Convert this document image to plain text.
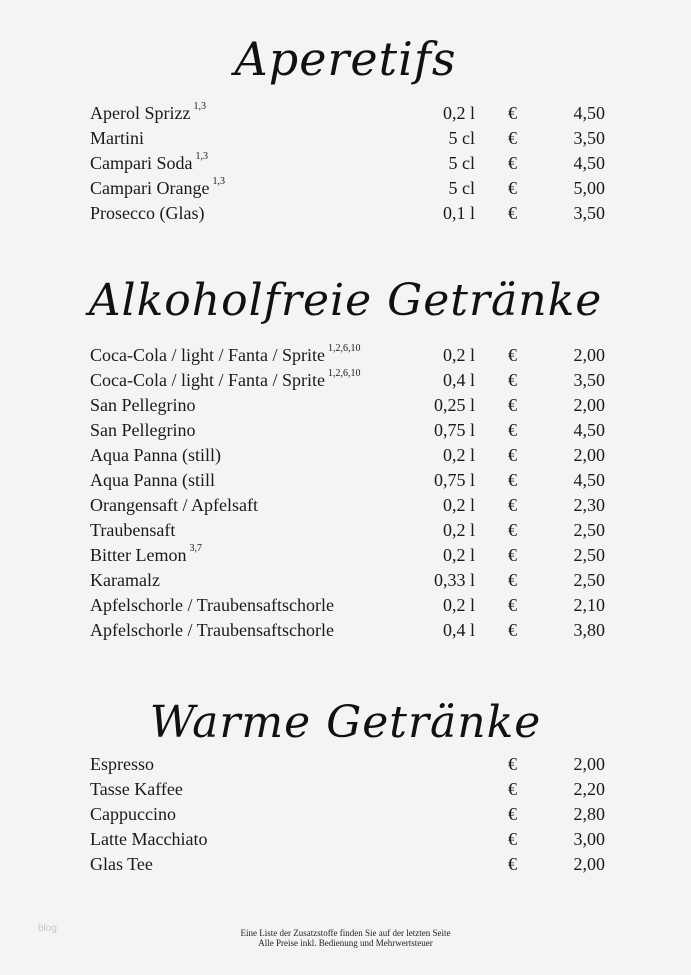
Aperetifs
Aperol Sprizz $^{1,3}$	0,2 l €	4,50
Martini	5 cl €	3,50
Campari Soda $^{1,3}$	5 cl €	4,50
Campari Orange $^{1,3}$	5 cl €	5,00
Prosecco (Glas)	0,1 l €	3,50
Alkoholfreie Getränke
Coca-Cola / light / Fanta / Sprite $^{1,2,6,10}$	0,2 l €	2,00
Coca-Cola / light / Fanta / Sprite $^{1,2,6,10}$	0,4 l €	3,50
San Pellegrino	0,25 l €	2,00
San Pellegrino	0,75 l €	4,50
Aqua Panna (still)	0,2 l €	2,00
Aqua Panna (still	0,75 l €	4,50
Orangensaft / Apfelsaft	0,2 l €	2,30
Traubensaft	0,2 l €	2,50
Bitter Lemon $^{3,7}$	0,2 l €	2,50
Karamalz	0,33 l €	2,50
Apfelschorle / Traubensaftschorle	0,2 l €	2,10
Apfelschorle / Traubensaftschorle	0,4 l €	3,80
Warme Getränke
Espresso	€	2,00
Tasse Kaffee	€	2,20
Cappuccino	€	2,80
Latte Macchiato	€	3,00
Glas Tee	€	2,00
blog	Eine Liste der Zusatzstoffe finden Sie auf der letzten Seite
Alle Preise inkl. Bedienung und Mehrwertsteuer
